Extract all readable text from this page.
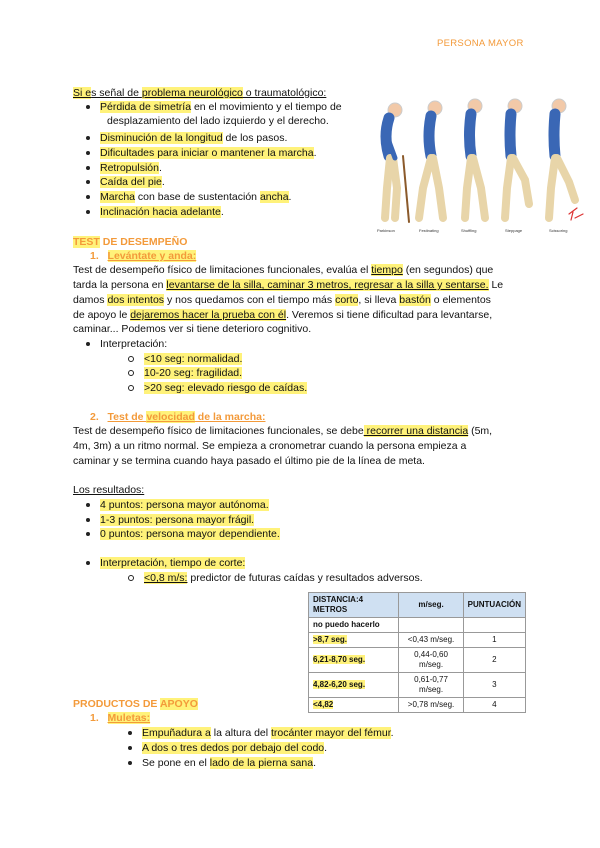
PERSONA MAYOR
Si es señal de problema neurológico o traumatológico:
Pérdida de simetría en el movimiento y el tiempo de
desplazamiento del lado izquierdo y el derecho.
Disminución de la longitud de los pasos.
Dificultades para iniciar o mantener la marcha.
Retropulsión.
Caída del pie.
Marcha con base de sustentación ancha.
Inclinación hacia adelante.
Parkinson	Festinating	Shuffling	Steppage	Scissoring
TEST DE DESEMPEÑO
1. Levántate y anda:
Test de desempeño físico de limitaciones funcionales, evalúa el tiempo (en segundos) que
tarda la persona en levantarse de la silla, caminar 3 metros, regresar a la silla y sentarse. Le
damos dos intentos y nos quedamos con el tiempo más corto, si lleva bastón o elementos
de apoyo le dejaremos hacer la prueba con él. Veremos si tiene dificultad para levantarse,
caminar... Podemos ver si tiene deterioro cognitivo.
Interpretación:
<10 seg: normalidad.
10-20 seg: fragilidad.
>20 seg: elevado riesgo de caídas.
2. Test de velocidad de la marcha:
Test de desempeño físico de limitaciones funcionales, se debe recorrer una distancia (5m,
4m, 3m) a un ritmo normal. Se empieza a cronometrar cuando la persona empieza a
caminar y se termina cuando haya pasado el último pie de la línea de meta.
Los resultados:
4 puntos: persona mayor autónoma.
1-3 puntos: persona mayor frágil.
0 puntos: persona mayor dependiente.
Interpretación, tiempo de corte:
<0,8 m/s: predictor de futuras caídas y resultados adversos.
DISTANCIA:4 METROS	m/seg.	PUNTUACIÓN
no puedo hacerlo		
>8,7 seg.	<0,43 m/seg.	1
6,21-8,70 seg.	0,44-0,60 m/seg.	2
4,82-6,20 seg.	0,61-0,77 m/seg.	3
<4,82	>0,78 m/seg.	4
PRODUCTOS DE APOYO
1. Muletas:
Empuñadura a la altura del trocánter mayor del fémur.
A dos o tres dedos por debajo del codo.
Se pone en el lado de la pierna sana.
